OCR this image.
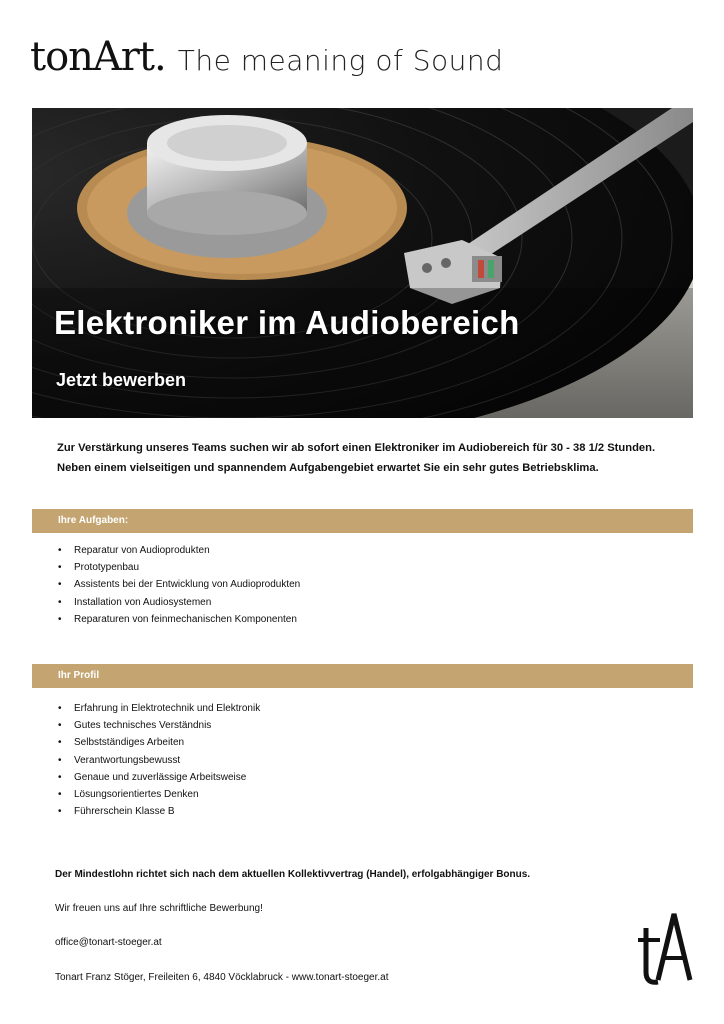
tonArt. The meaning of Sound
Elektroniker im Audiobereich
Jetzt bewerben

Zur Verstärkung unseres Teams suchen wir ab sofort einen Elektroniker im Audiobereich für 30 - 38 1/2 Stunden.

Neben einem vielseitigen und spannendem Aufgabengebiet erwartet Sie ein sehr gutes Betriebsklima.

Ihre Aufgaben:
• Reparatur von Audioprodukten
• Prototypenbau
• Assistents bei der Entwicklung von Audioprodukten
• Installation von Audiosystemen
• Reparaturen von feinmechanischen Komponenten
Ihr Profil
• Erfahrung in Elektrotechnik und Elektronik
• Gutes technisches Verständnis
• Selbstständiges Arbeiten
• Verantwortungsbewusst
• Genaue und zuverlässige Arbeitsweise
• Lösungsorientiertes Denken
• Führerschein Klasse B
Der Mindestlohn richtet sich nach dem aktuellen Kollektivvertrag (Handel), erfolgabhängiger Bonus.
Wir freuen uns auf Ihre schriftliche Bewerbung!
office@tonart-stoeger.at
Tonart Franz Stöger, Freileiten 6, 4840 Vöcklabruck - www.tonart-stoeger.at
